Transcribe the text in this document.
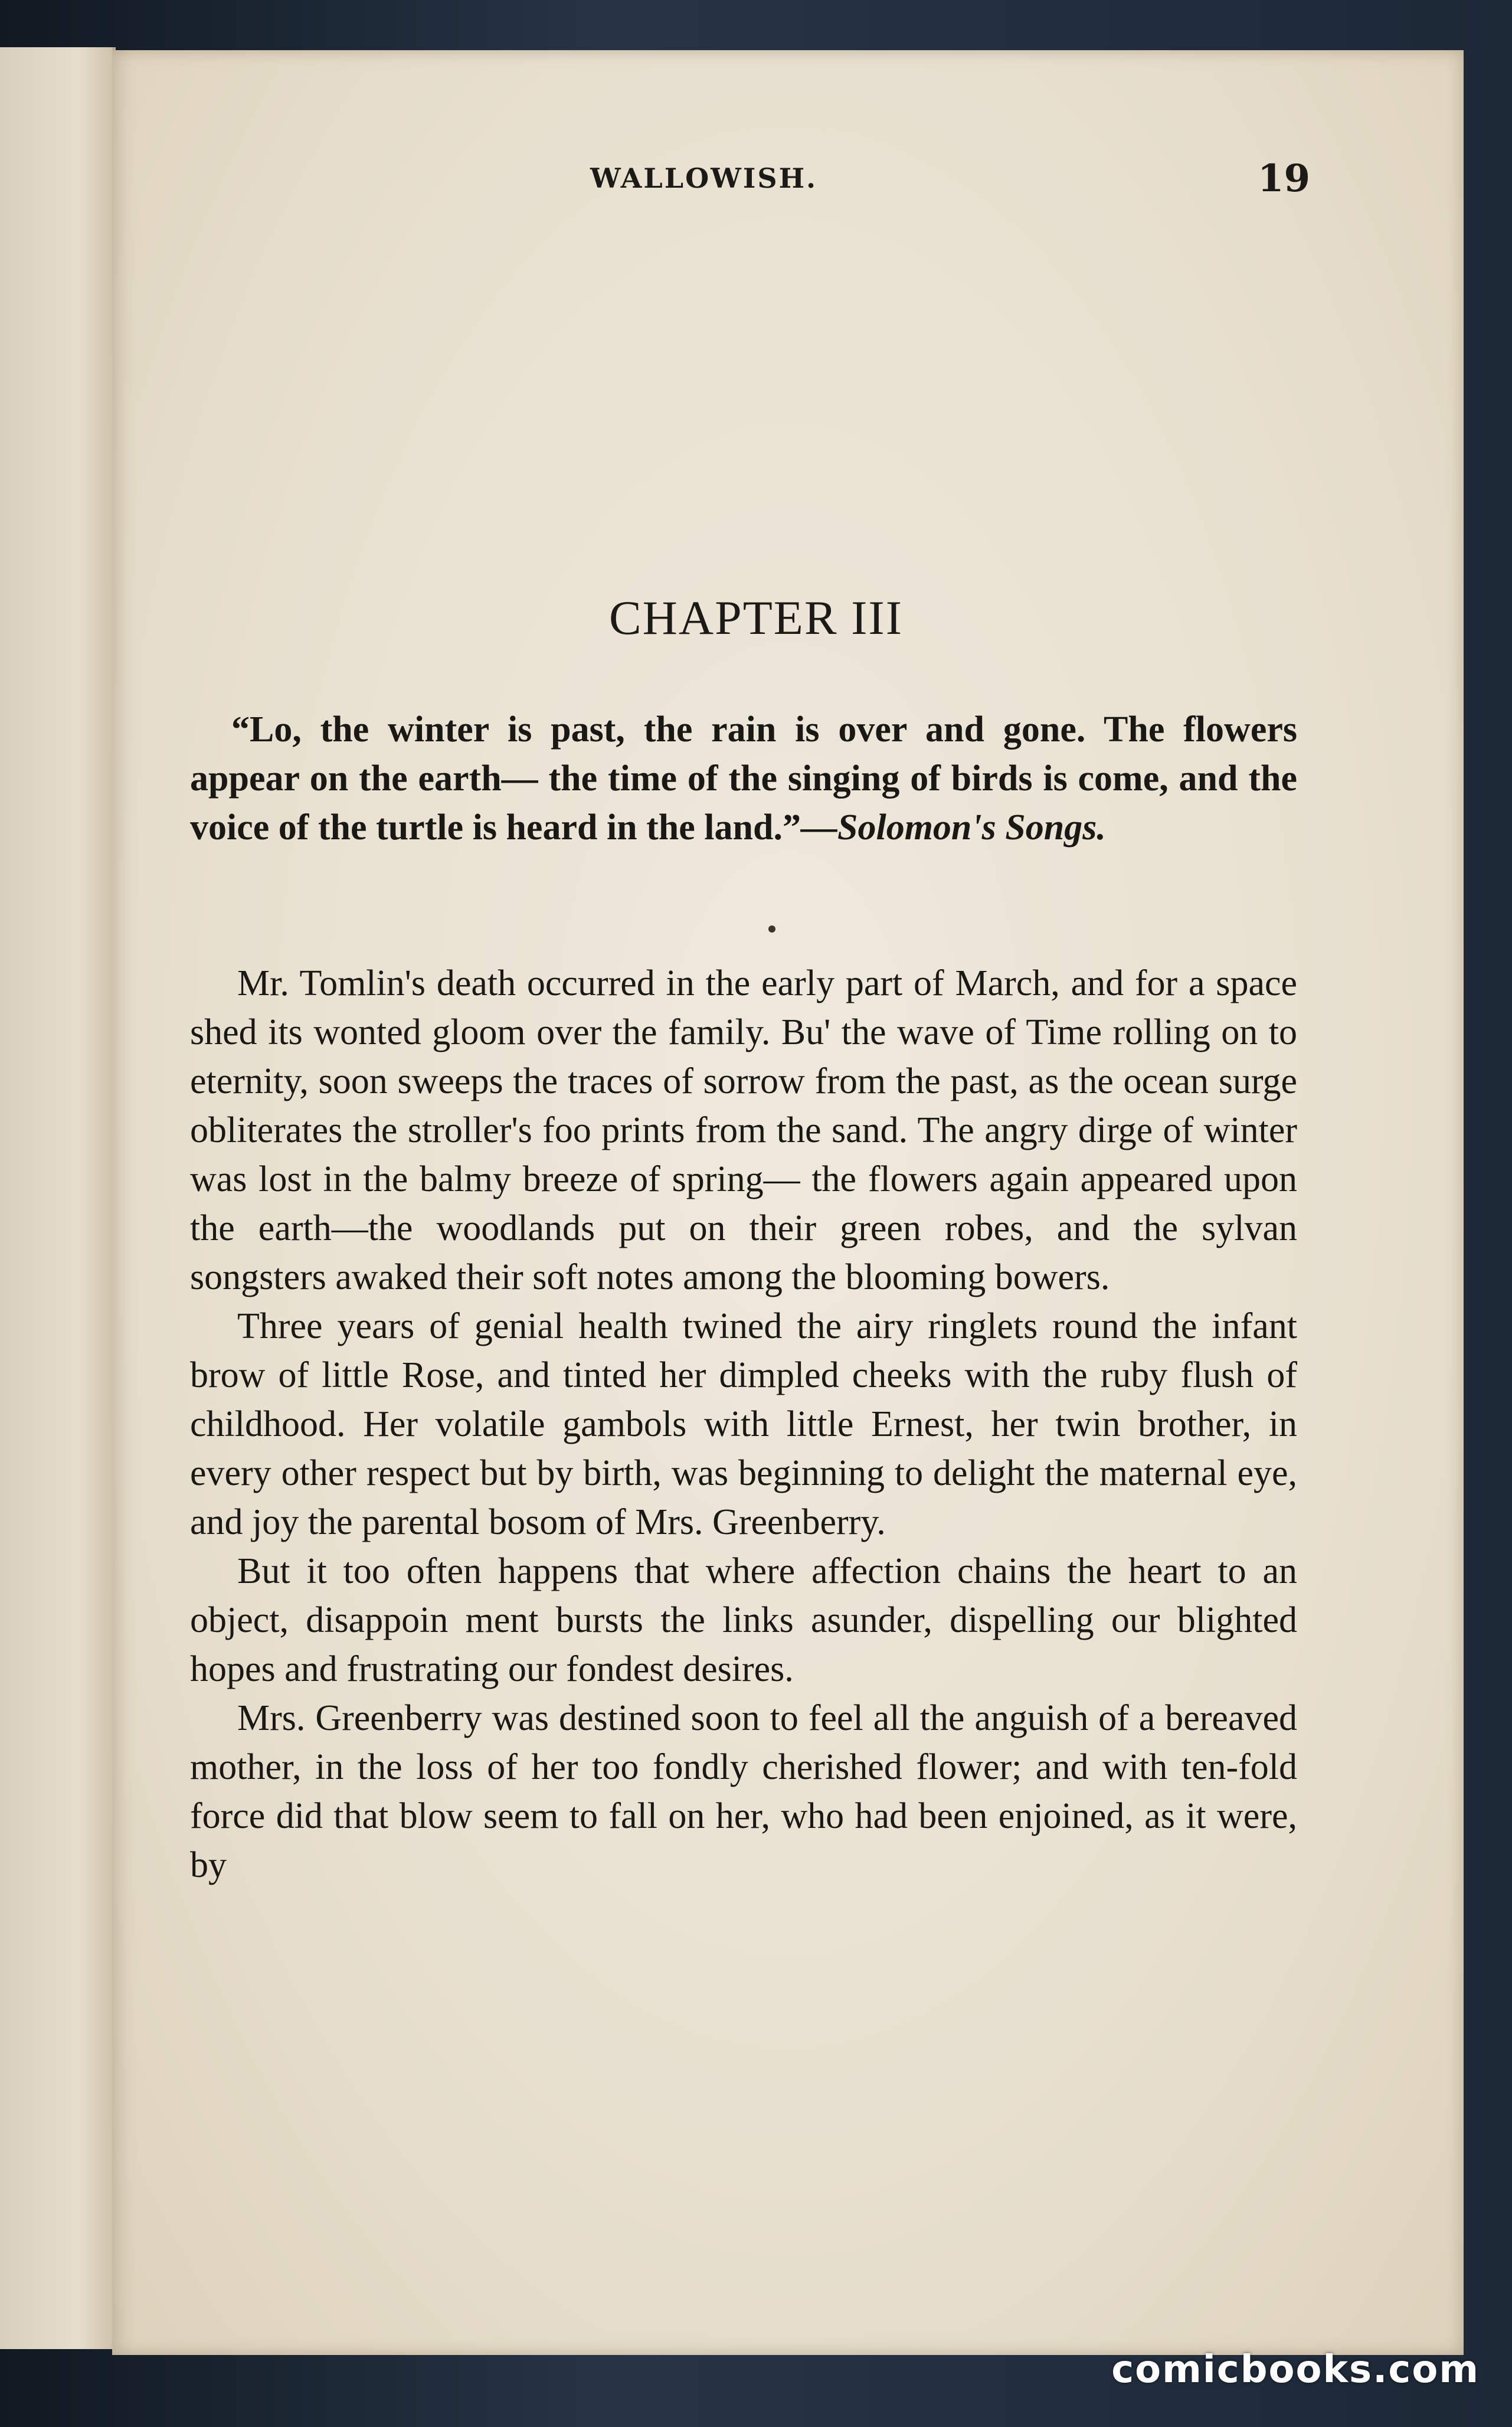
WALLOWISH.	19
CHAPTER III

“Lo, the winter is past, the rain is over and gone. The flowers appear on the earth— the time of the singing of birds is come, and the voice of the turtle is heard in the land.”—Solomon's Songs.

Mr. Tomlin's death occurred in the early part of March, and for a space shed its wonted gloom over the family. Bu' the wave of Time rolling on to eternity, soon sweeps the traces of sorrow from the past, as the ocean surge obliterates the stroller's foo prints from the sand. The angry dirge of winter was lost in the balmy breeze of spring— the flowers again appeared upon the earth—the woodlands put on their green robes, and the sylvan songsters awaked their soft notes among the blooming bowers.

Three years of genial health twined the airy ringlets round the infant brow of little Rose, and tinted her dimpled cheeks with the ruby flush of childhood. Her volatile gambols with little Ernest, her twin brother, in every other respect but by birth, was beginning to delight the maternal eye, and joy the parental bosom of Mrs. Greenberry.

But it too often happens that where affection chains the heart to an object, disappoin ment bursts the links asunder, dispelling our blighted hopes and frustrating our fondest desires.

Mrs. Greenberry was destined soon to feel all the anguish of a bereaved mother, in the loss of her too fondly cherished flower; and with ten-fold force did that blow seem to fall on her, who had been enjoined, as it were, by

comicbooks.com
